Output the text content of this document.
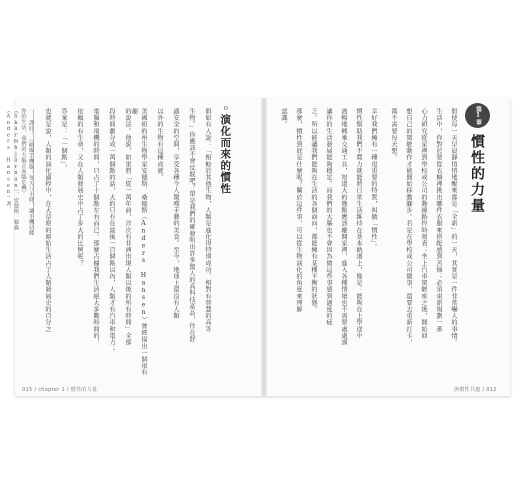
一 譯註：《刷爆手機腦：每天八小時，讓手機佔據你的生活，我們的大腦正面臨危機》（Skärmhjärnan），安德斯．韓森（Anders Hansen）著。	演化而來的慣性
o
假如有人說：「相較於其他生物，人類是進化得特別成功、相對有智慧的高等
生物。」你應該不會反駁吧？單是我們的確發明出許多驚人的高科技產品，住在舒
適安全的空間，享受各種令人驚嘆手藝的美食。至今，地球上還沒有人類
以外的生物有這種成就。
美國紐約州生物學家安德斯．桑德斯（Anders Hansen）曾經提出一個很有趣
的說法。他說，如果將「從一萬年前，首次有非洲出現人類以後的所有時間」全部
段時間劃分成一萬個點的話，大約只有在最後一百個點以內，人類才有汽車和電力；
電腦和飛機的時間，只占了十個點左右而已。那麼占據我們生活絕大多數時間的，
依賴的有生命，又在人類發展史中占了多大的比例呢？
答案是：「一個點」。
也就是說，人類的演化過程中，在大草原的原始生活占了人類發展史的百分之
015 / chapter 1 / 慣性的力量
第1章
慣性的力量
假使每一天早晨靜悄悄地醒來都是「全新」的一天，其實是一件非常嚇人的事情。
生活中，你對於要從衣櫥裡挑出哪件衣服來搭配感到苦惱；必須重新規劃一番
心力研究從家裡到學校或公司的動線路徑時刻表；坐上汽車駕駛座之後，開始回
想自己的駕駛動作才能開始移動腳步。若是在學校或公司做事，還要去重新打卡，
都不需要每天想。
幸好我們擁有一種很重要的特質，叫做「慣性」。
慣性幫助我們不費力就能將日常生活維持在基本軌道上，像是：能夠在上學途中
流暢地轉乘交通工具，知道大約幾點應該離開家裡，進入各種情境也不需要處處謹
讓你的生活發展能夠穩定。而我們的大腦也不會因為做這些事感到過度的疲
乏。所以能讓我們能夠在生活的各個面向，都能擁有某種平衡的狀態。
那麼，慣性到底是什麼呢？關於這件事，可以從生物演化的角度來理解
認識。
與慣性共處 / 012
